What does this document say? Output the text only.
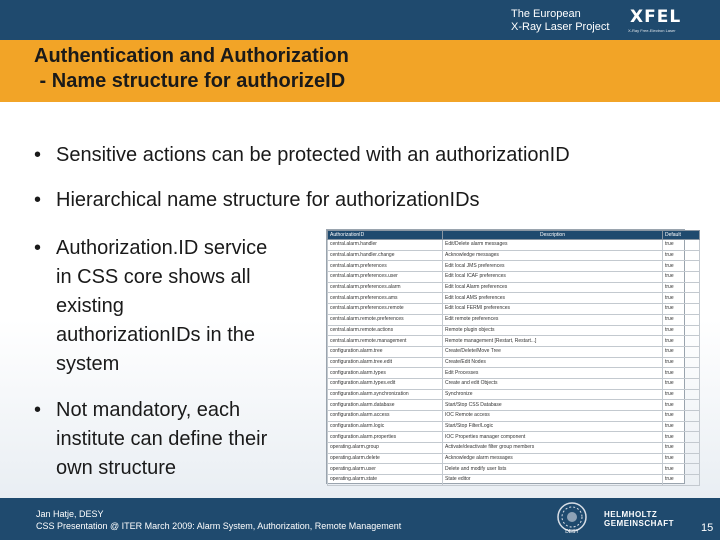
The European
X-Ray Laser Project XFEL
X-Ray Free-Electron Laser
Authentication and Authorization
- Name structure for authorizeID
• Sensitive actions can be protected with an authorizationID
• Hierarchical name structure for authorizationIDs
• Authorization.ID service
in CSS core shows all
existing
authorizationIDs in the
system
• Not mandatory, each
institute can define their
own structure
AuthorizationID	Description	Default
central.alarm.handler	Edit/Delete alarm messages	true
central.alarm.handler.change	Acknowledge messages	true
central.alarm.preferences	Edit local JMS preferences	true
central.alarm.preferences.user	Edit local ICAF preferences	true
central.alarm.preferences.alarm	Edit local Alarm preferences	true
central.alarm.preferences.ams	Edit local AMS preferences	true
central.alarm.preferences.remote	Edit local FERMI preferences	true
central.alarm.remote.preferences	Edit remote preferences	true
central.alarm.remote.actions	Remote plugin objects	true
central.alarm.remote.management	Remote management [Restart, Restart...]	true
configuration.alarm.tree	Create/Delete/Move Tree	true
configuration.alarm.tree.edit	Create/Edit Nodes	true
configuration.alarm.types	Edit Processes	true
configuration.alarm.types.edit	Create and edit Objects	true
configuration.alarm.synchronization	Synchronize	true
configuration.alarm.database	Start/Stop CSS Database	true
configuration.alarm.access	IOC Remote access	true
configuration.alarm.logic	Start/Stop Filter/Logic	true
configuration.alarm.properties	IOC Properties manager component	true
operating.alarm.group	Activate/deactivate filter group members	true
operating.alarm.delete	Acknowledge alarm messages	true
operating.alarm.user	Delete and modify user lists	true
operating.alarm.state	State editor	true
Jan Hatje, DESY
CSS Presentation @ ITER March 2009: Alarm System, Authorization, Remote Management
DESY
HELMHOLTZ
GEMEINSCHAFT 15
